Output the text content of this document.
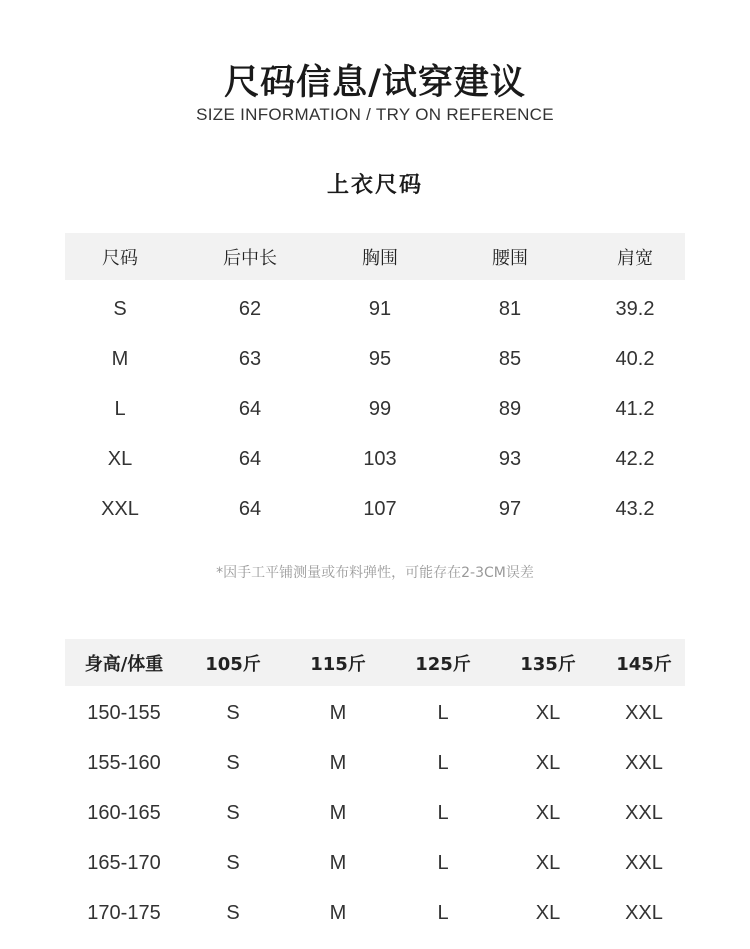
尺码信息/试穿建议
SIZE INFORMATION / TRY ON REFERENCE
上衣尺码
尺码	后中长	胸围	腰围	肩宽
S	62	91	81	39.2
M	63	95	85	40.2
L	64	99	89	41.2
XL	64	103	93	42.2
XXL	64	107	97	43.2
*因手工平铺测量或布料弹性，可能存在2-3CM误差
身高/体重	105斤	115斤	125斤	135斤	145斤
150-155	S	M	L	XL	XXL
155-160	S	M	L	XL	XXL
160-165	S	M	L	XL	XXL
165-170	S	M	L	XL	XXL
170-175	S	M	L	XL	XXL
